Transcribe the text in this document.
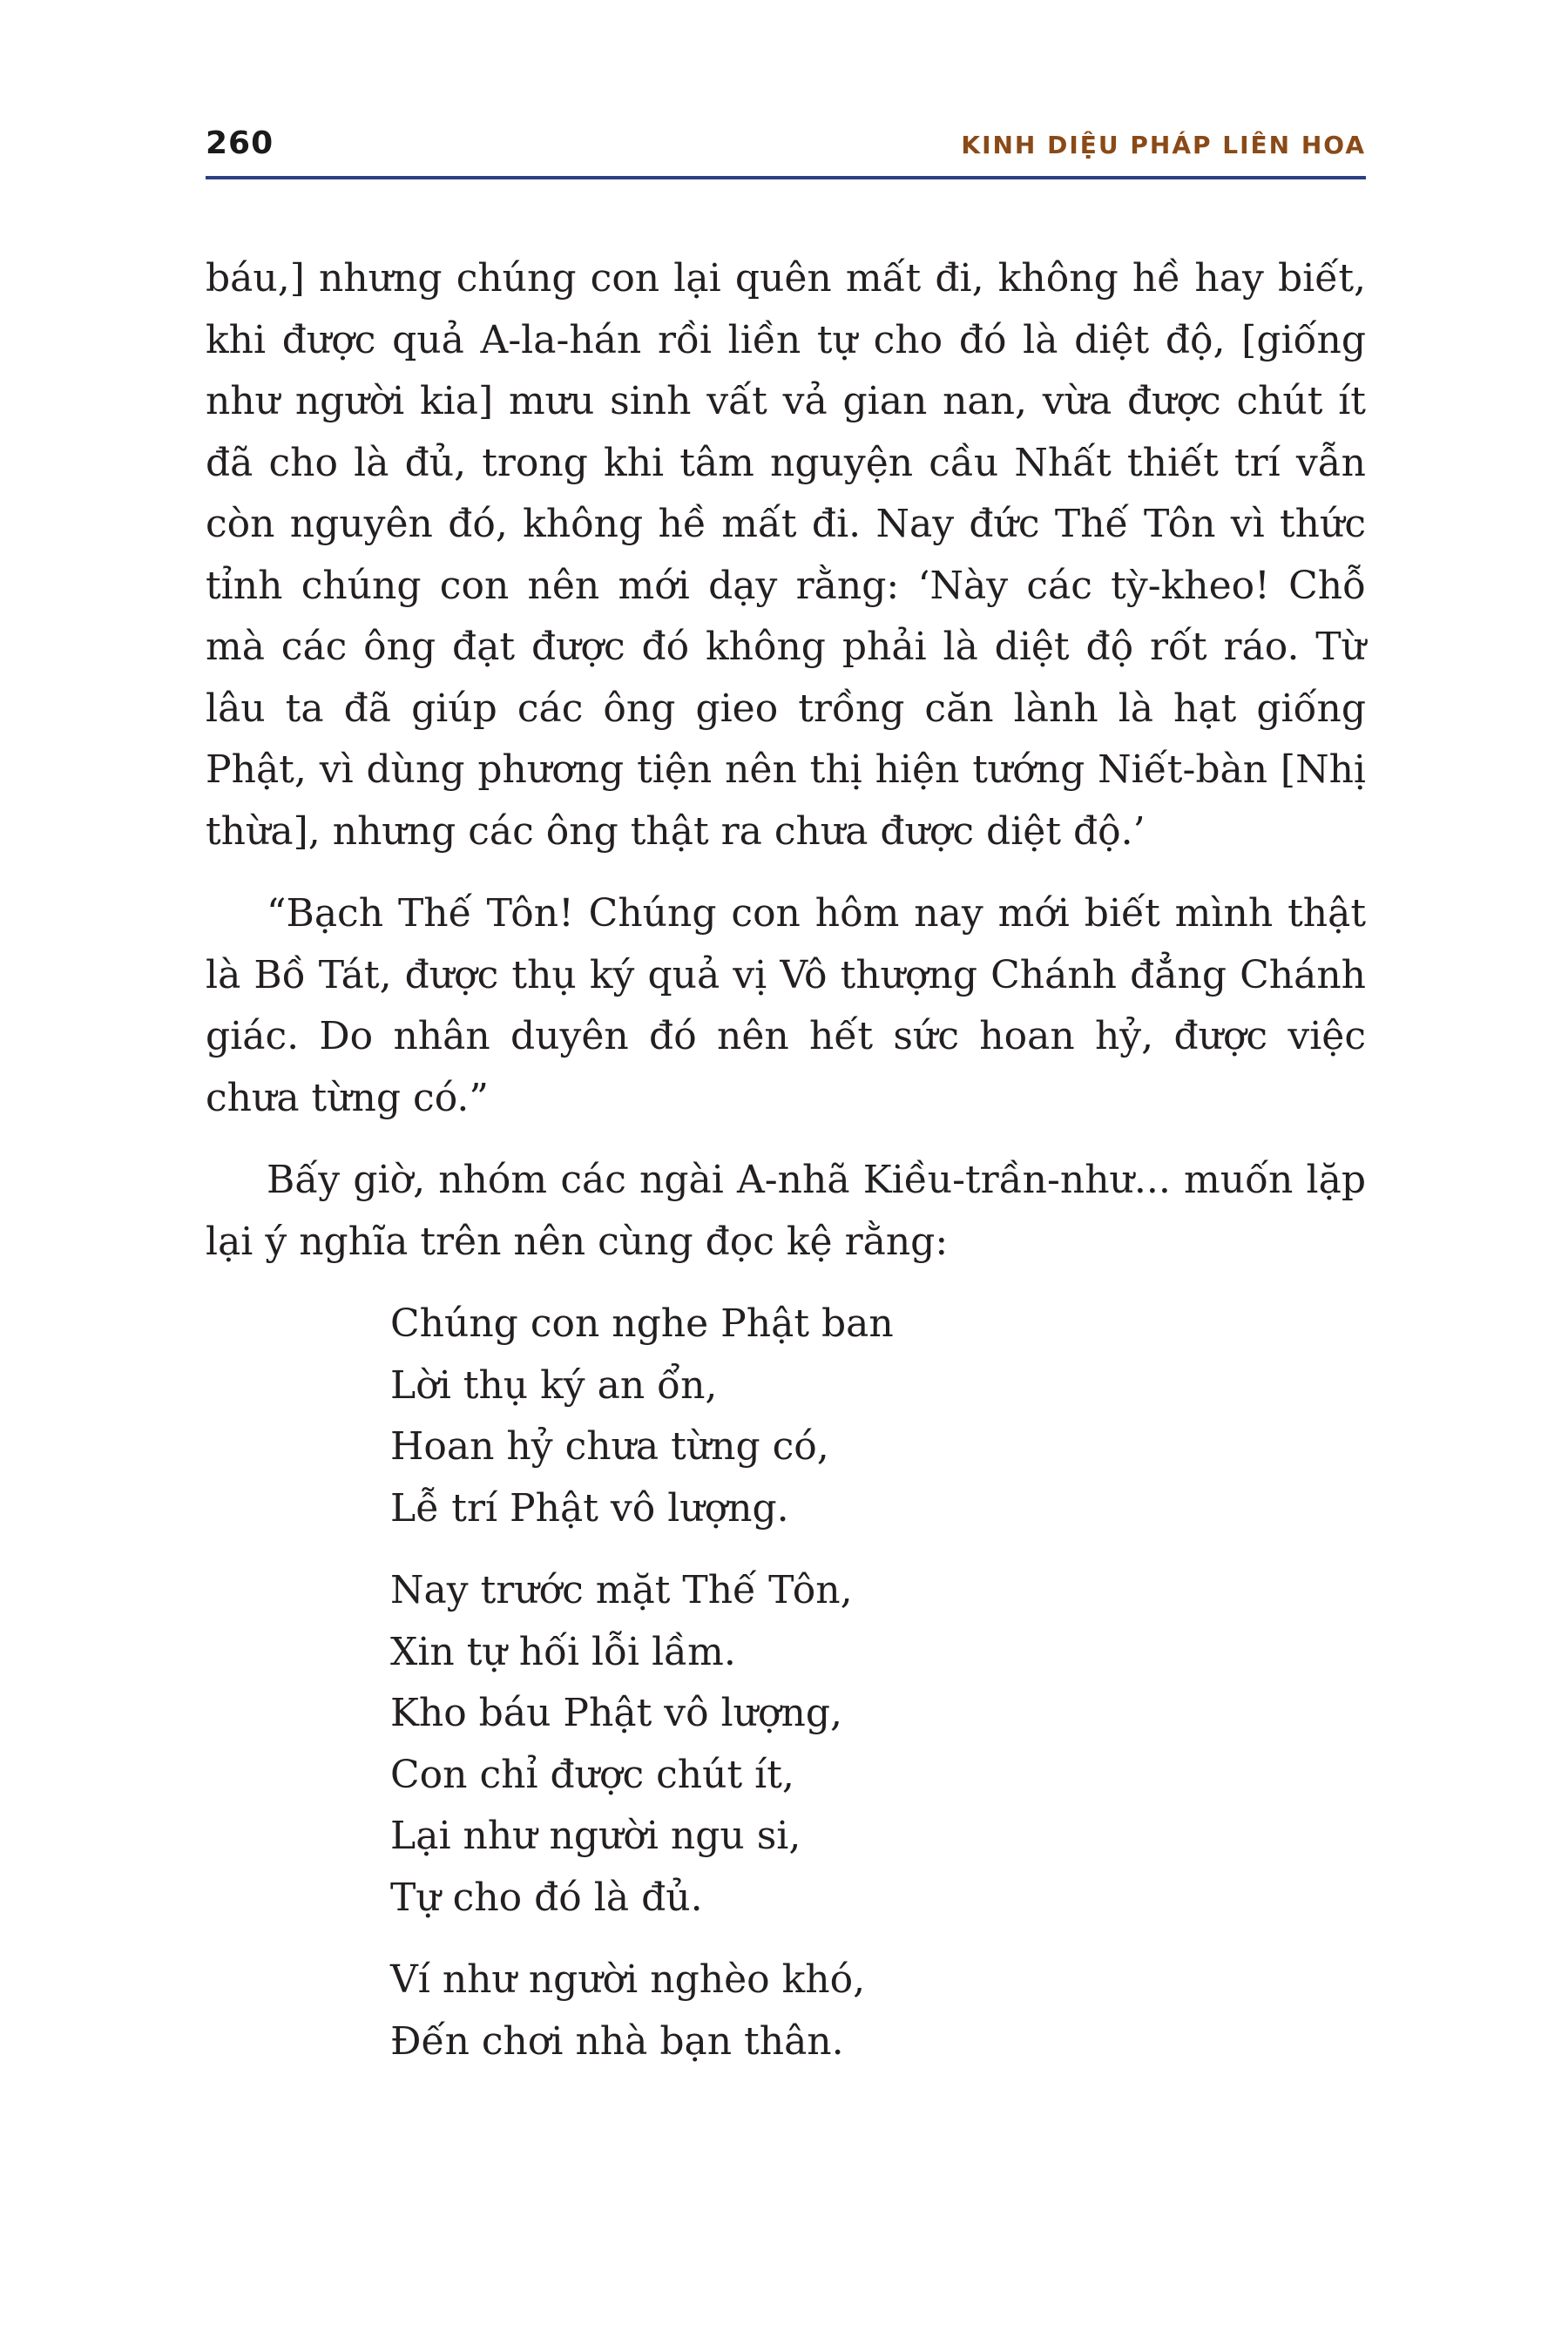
260	KINH DIỆU PHÁP LIÊN HOA

báu,] nhưng chúng con lại quên mất đi, không hề hay biết, khi được quả A-la-hán rồi liền tự cho đó là diệt độ, [giống như người kia] mưu sinh vất vả gian nan, vừa được chút ít đã cho là đủ, trong khi tâm nguyện cầu Nhất thiết trí vẫn còn nguyên đó, không hề mất đi. Nay đức Thế Tôn vì thức tỉnh chúng con nên mới dạy rằng: ‘Này các tỳ-kheo! Chỗ mà các ông đạt được đó không phải là diệt độ rốt ráo. Từ lâu ta đã giúp các ông gieo trồng căn lành là hạt giống Phật, vì dùng phương tiện nên thị hiện tướng Niết-bàn [Nhị thừa], nhưng các ông thật ra chưa được diệt độ.’

“Bạch Thế Tôn! Chúng con hôm nay mới biết mình thật là Bồ Tát, được thụ ký quả vị Vô thượng Chánh đẳng Chánh giác. Do nhân duyên đó nên hết sức hoan hỷ, được việc chưa từng có.”

Bấy giờ, nhóm các ngài A-nhã Kiều-trần-như... muốn lặp lại ý nghĩa trên nên cùng đọc kệ rằng:

Chúng con nghe Phật ban
Lời thụ ký an ổn,
Hoan hỷ chưa từng có,
Lễ trí Phật vô lượng.
Nay trước mặt Thế Tôn,
Xin tự hối lỗi lầm.
Kho báu Phật vô lượng,
Con chỉ được chút ít,
Lại như người ngu si,
Tự cho đó là đủ.
Ví như người nghèo khó,
Đến chơi nhà bạn thân.
